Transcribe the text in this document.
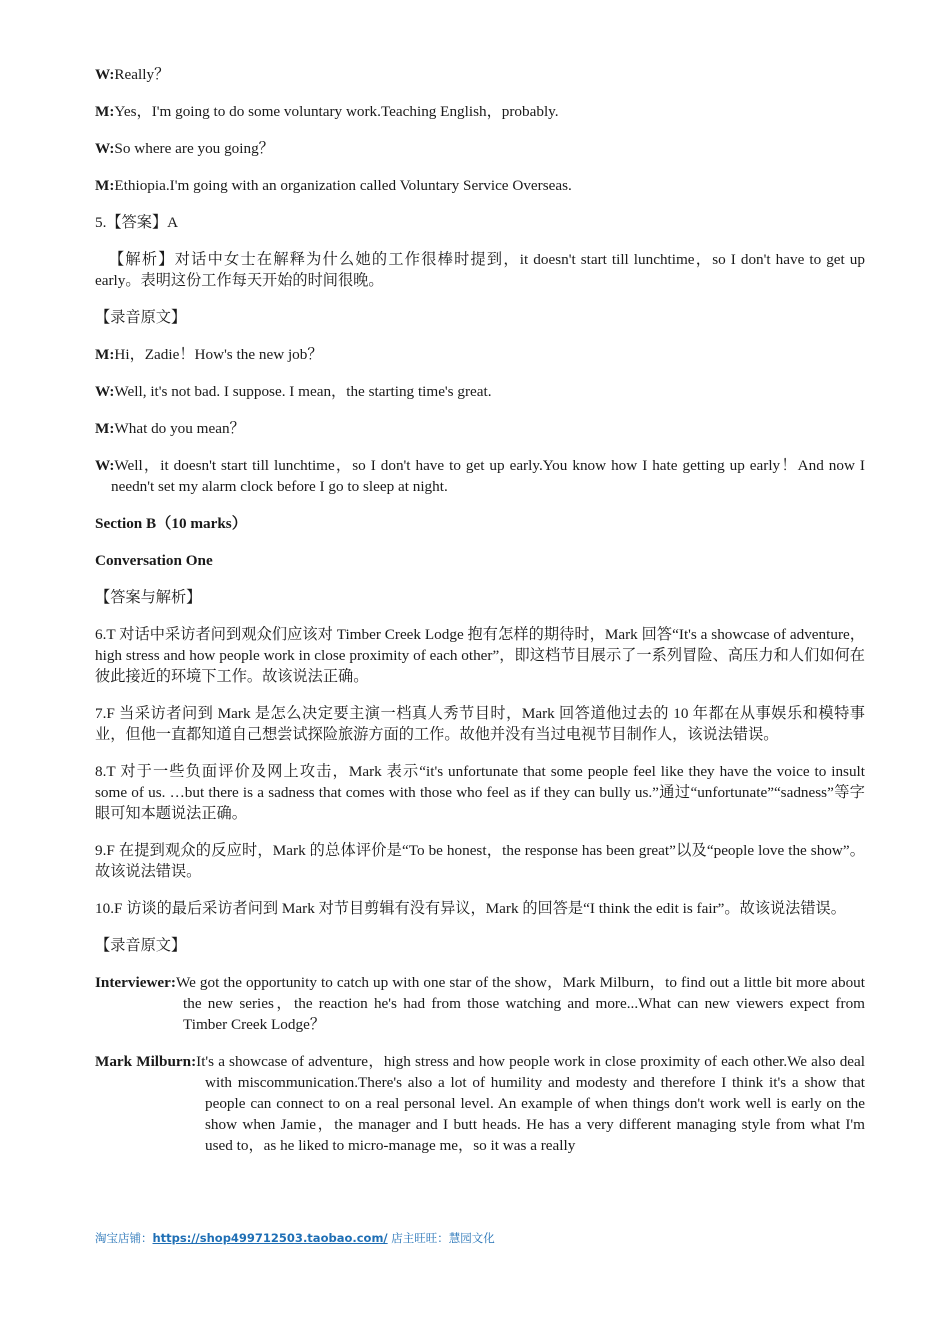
W:Really？

M:Yes，I'm going to do some voluntary work.Teaching English，probably.

W:So where are you going？

M:Ethiopia.I'm going with an organization called Voluntary Service Overseas.

5.【答案】A

【解析】对话中女士在解释为什么她的工作很棒时提到，it doesn't start till lunchtime，so I don't have to get up early。表明这份工作每天开始的时间很晚。

【录音原文】

M:Hi，Zadie！How's the new job？

W:Well, it's not bad. I suppose. I mean，the starting time's great.

M:What do you mean？

W:Well，it doesn't start till lunchtime，so I don't have to get up early.You know how I hate getting up early！And now I needn't set my alarm clock before I go to sleep at night.

Section B（10 marks）

Conversation One

【答案与解析】

6.T 对话中采访者问到观众们应该对 Timber Creek Lodge 抱有怎样的期待时，Mark 回答“It's a showcase of adventure，high stress and how people work in close proximity of each other”，即这档节目展示了一系列冒险、高压力和人们如何在彼此接近的环境下工作。故该说法正确。

7.F 当采访者问到 Mark 是怎么决定要主演一档真人秀节目时，Mark 回答道他过去的 10 年都在从事娱乐和模特事业，但他一直都知道自己想尝试探险旅游方面的工作。故他并没有当过电视节目制作人，该说法错误。

8.T 对于一些负面评价及网上攻击，Mark 表示“it's unfortunate that some people feel like they have the voice to insult some of us. …but there is a sadness that comes with those who feel as if they can bully us.”通过“unfortunate”“sadness”等字眼可知本题说法正确。

9.F 在提到观众的反应时，Mark 的总体评价是“To be honest，the response has been great”以及“people love the show”。故该说法错误。

10.F 访谈的最后采访者问到 Mark 对节目剪辑有没有异议，Mark 的回答是“I think the edit is fair”。故该说法错误。

【录音原文】

Interviewer:We got the opportunity to catch up with one star of the show，Mark Milburn，to find out a little bit more about the new series，the reaction he's had from those watching and more...What can new viewers expect from Timber Creek Lodge？
Mark Milburn:It's a showcase of adventure，high stress and how people work in close proximity of each other.We also deal with miscommunication.There's also a lot of humility and modesty and therefore I think it's a show that people can connect to on a real personal level. An example of when things don't work well is early on the show when Jamie，the manager and I butt heads. He has a very different managing style from what I'm used to，as he liked to micro-manage me，so it was a really
淘宝店铺：https://shop499712503.taobao.com/ 店主旺旺：慧园文化
